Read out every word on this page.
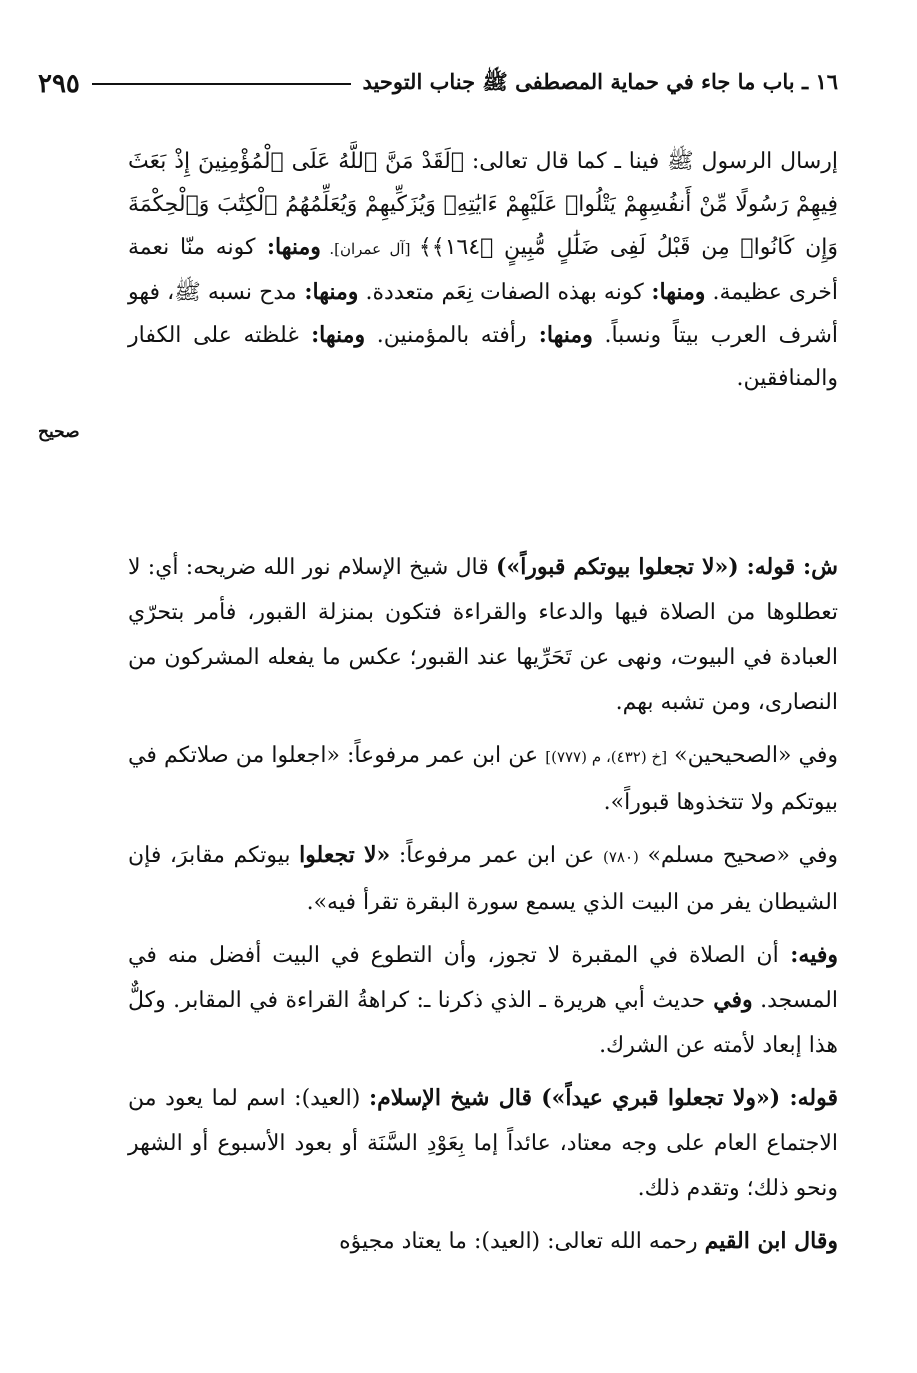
١٦ ـ باب ما جاء في حماية المصطفى ﷺ جناب التوحيد
٢٩٥
إرسال الرسول ﷺ فينا ـ كما قال تعالى: ﴿لَقَدْ مَنَّ ٱللَّهُ عَلَى ٱلْمُؤْمِنِينَ إِذْ بَعَثَ فِيهِمْ رَسُولًا مِّنْ أَنفُسِهِمْ يَتْلُوا۟ عَلَيْهِمْ ءَايَٰتِهِۦ وَيُزَكِّيهِمْ وَيُعَلِّمُهُمُ ٱلْكِتَٰبَ وَٱلْحِكْمَةَ وَإِن كَانُوا۟ مِن قَبْلُ لَفِى ضَلَٰلٍ مُّبِينٍ ﴿١٦٤﴾﴾ [آل عمران]. ومنها: كونه منّا نعمة أخرى عظيمة. ومنها: كونه بهذه الصفات نِعَم متعددة. ومنها: مدح نسبه ﷺ، فهو أشرف العرب بيتاً ونسباً. ومنها: رأفته بالمؤمنين. ومنها: غلظته على الكفار والمنافقين.
صحيح

ش: قوله: («لا تجعلوا بيوتكم قبوراً») قال شيخ الإسلام نور الله ضريحه: أي: لا تعطلوها من الصلاة فيها والدعاء والقراءة فتكون بمنزلة القبور، فأمر بتحرّي العبادة في البيوت، ونهى عن تَحَرِّيها عند القبور؛ عكس ما يفعله المشركون من النصارى، ومن تشبه بهم.

وفي «الصحيحين» [خ (٤٣٢)، م (٧٧٧)] عن ابن عمر مرفوعاً: «اجعلوا من صلاتكم في بيوتكم ولا تتخذوها قبوراً».

وفي «صحيح مسلم» (٧٨٠) عن ابن عمر مرفوعاً: «لا تجعلوا بيوتكم مقابرَ، فإن الشيطان يفر من البيت الذي يسمع سورة البقرة تقرأ فيه».

وفيه: أن الصلاة في المقبرة لا تجوز، وأن التطوع في البيت أفضل منه في المسجد. وفي حديث أبي هريرة ـ الذي ذكرنا ـ: كراهةُ القراءة في المقابر. وكلٌّ هذا إبعاد لأمته عن الشرك.

قوله: («ولا تجعلوا قبري عيداً») قال شيخ الإسلام: (العيد): اسم لما يعود من الاجتماع العام على وجه معتاد، عائداً إما بِعَوْدِ السَّنَة أو بعود الأسبوع أو الشهر ونحو ذلك؛ وتقدم ذلك.

وقال ابن القيم رحمه الله تعالى: (العيد): ما يعتاد مجيؤه
